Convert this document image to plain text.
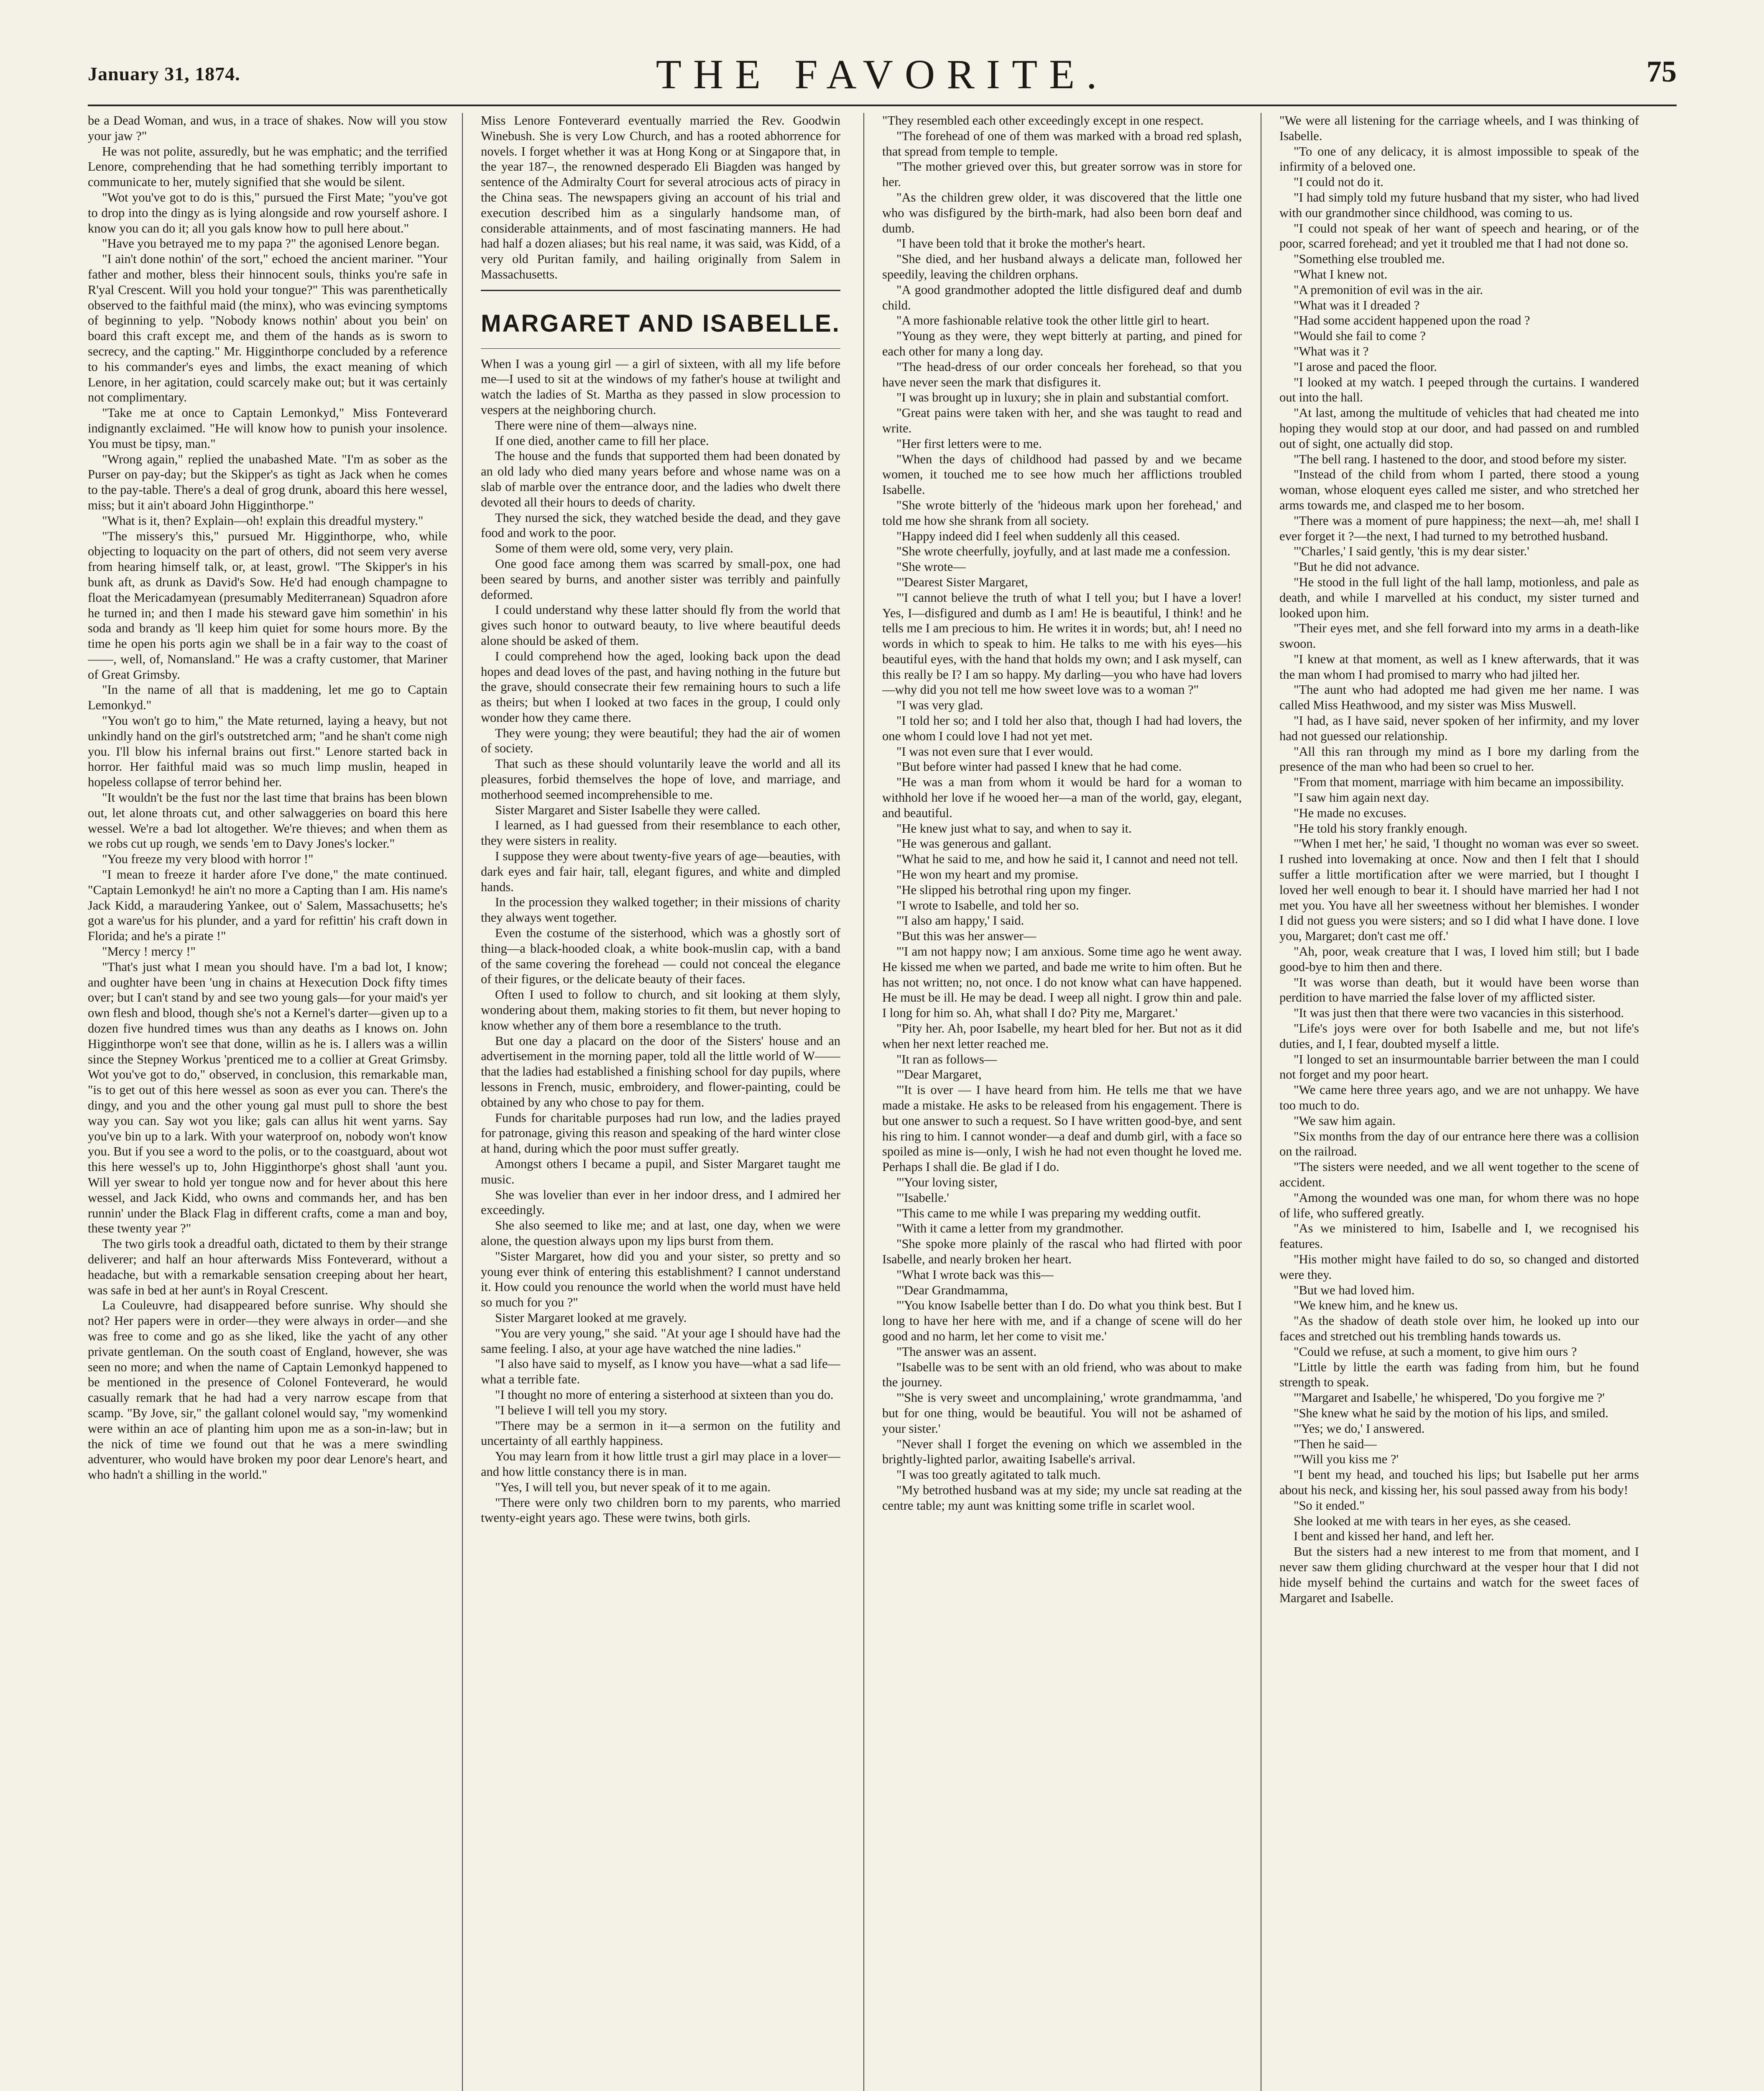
January 31, 1874.	THE FAVORITE.	75

be a Dead Woman, and wus, in a trace of shakes. Now will you stow your jaw ?"

He was not polite, assuredly, but he was emphatic; and the terrified Lenore, comprehending that he had something terribly important to communicate to her, mutely signified that she would be silent.

"Wot you've got to do is this," pursued the First Mate; "you've got to drop into the dingy as is lying alongside and row yourself ashore. I know you can do it; all you gals know how to pull here about."

"Have you betrayed me to my papa ?" the agonised Lenore began.

"I ain't done nothin' of the sort," echoed the ancient mariner. "Your father and mother, bless their hinnocent souls, thinks you're safe in R'yal Crescent. Will you hold your tongue?" This was parenthetically observed to the faithful maid (the minx), who was evincing symptoms of beginning to yelp. "Nobody knows nothin' about you bein' on board this craft except me, and them of the hands as is sworn to secrecy, and the capting." Mr. Higginthorpe concluded by a reference to his commander's eyes and limbs, the exact meaning of which Lenore, in her agitation, could scarcely make out; but it was certainly not complimentary.

"Take me at once to Captain Lemonkyd," Miss Fonteverard indignantly exclaimed. "He will know how to punish your insolence. You must be tipsy, man."

"Wrong again," replied the unabashed Mate. "I'm as sober as the Purser on pay-day; but the Skipper's as tight as Jack when he comes to the pay-table. There's a deal of grog drunk, aboard this here wessel, miss; but it ain't aboard John Higginthorpe."

"What is it, then? Explain—oh! explain this dreadful mystery."

"The missery's this," pursued Mr. Higginthorpe, who, while objecting to loquacity on the part of others, did not seem very averse from hearing himself talk, or, at least, growl. "The Skipper's in his bunk aft, as drunk as David's Sow. He'd had enough champagne to float the Mericadamyean (presumably Mediterranean) Squadron afore he turned in; and then I made his steward gave him somethin' in his soda and brandy as 'll keep him quiet for some hours more. By the time he open his ports agin we shall be in a fair way to the coast of ——, well, of, Nomansland." He was a crafty customer, that Mariner of Great Grimsby.

"In the name of all that is maddening, let me go to Captain Lemonkyd."

"You won't go to him," the Mate returned, laying a heavy, but not unkindly hand on the girl's outstretched arm; "and he shan't come nigh you. I'll blow his infernal brains out first." Lenore started back in horror. Her faithful maid was so much limp muslin, heaped in hopeless collapse of terror behind her.

"It wouldn't be the fust nor the last time that brains has been blown out, let alone throats cut, and other salwaggeries on board this here wessel. We're a bad lot altogether. We're thieves; and when them as we robs cut up rough, we sends 'em to Davy Jones's locker."

"You freeze my very blood with horror !"

"I mean to freeze it harder afore I've done," the mate continued. "Captain Lemonkyd! he ain't no more a Capting than I am. His name's Jack Kidd, a maraudering Yankee, out o' Salem, Massachusetts; he's got a ware'us for his plunder, and a yard for refittin' his craft down in Florida; and he's a pirate !"

"Mercy ! mercy !"

"That's just what I mean you should have. I'm a bad lot, I know; and oughter have been 'ung in chains at Hexecution Dock fifty times over; but I can't stand by and see two young gals—for your maid's yer own flesh and blood, though she's not a Kernel's darter—given up to a dozen five hundred times wus than any deaths as I knows on. John Higginthorpe won't see that done, willin as he is. I allers was a willin since the Stepney Workus 'prenticed me to a collier at Great Grimsby. Wot you've got to do," observed, in conclusion, this remarkable man, "is to get out of this here wessel as soon as ever you can. There's the dingy, and you and the other young gal must pull to shore the best way you can. Say wot you like; gals can allus hit went yarns. Say you've bin up to a lark. With your waterproof on, nobody won't know you. But if you see a word to the polis, or to the coastguard, about wot this here wessel's up to, John Higginthorpe's ghost shall 'aunt you. Will yer swear to hold yer tongue now and for hever about this here wessel, and Jack Kidd, who owns and commands her, and has ben runnin' under the Black Flag in different crafts, come a man and boy, these twenty year ?"

The two girls took a dreadful oath, dictated to them by their strange deliverer; and half an hour afterwards Miss Fonteverard, without a headache, but with a remarkable sensation creeping about her heart, was safe in bed at her aunt's in Royal Crescent.

La Couleuvre, had disappeared before sunrise. Why should she not? Her papers were in order—they were always in order—and she was free to come and go as she liked, like the yacht of any other private gentleman. On the south coast of England, however, she was seen no more; and when the name of Captain Lemonkyd happened to be mentioned in the presence of Colonel Fonteverard, he would casually remark that he had had a very narrow escape from that scamp. "By Jove, sir," the gallant colonel would say, "my womenkind were within an ace of planting him upon me as a son-in-law; but in the nick of time we found out that he was a mere swindling adventurer, who would have broken my poor dear Lenore's heart, and who hadn't a shilling in the world."

Miss Lenore Fonteverard eventually married the Rev. Goodwin Winebush. She is very Low Church, and has a rooted abhorrence for novels. I forget whether it was at Hong Kong or at Singapore that, in the year 187–, the renowned desperado Eli Biagden was hanged by sentence of the Admiralty Court for several atrocious acts of piracy in the China seas. The newspapers giving an account of his trial and execution described him as a singularly handsome man, of considerable attainments, and of most fascinating manners. He had had half a dozen aliases; but his real name, it was said, was Kidd, of a very old Puritan family, and hailing originally from Salem in Massachusetts.

MARGARET AND ISABELLE.

When I was a young girl — a girl of sixteen, with all my life before me—I used to sit at the windows of my father's house at twilight and watch the ladies of St. Martha as they passed in slow procession to vespers at the neighboring church.

There were nine of them—always nine.

If one died, another came to fill her place.

The house and the funds that supported them had been donated by an old lady who died many years before and whose name was on a slab of marble over the entrance door, and the ladies who dwelt there devoted all their hours to deeds of charity.

They nursed the sick, they watched beside the dead, and they gave food and work to the poor.

Some of them were old, some very, very plain.

One good face among them was scarred by small-pox, one had been seared by burns, and another sister was terribly and painfully deformed.

I could understand why these latter should fly from the world that gives such honor to outward beauty, to live where beautiful deeds alone should be asked of them.

I could comprehend how the aged, looking back upon the dead hopes and dead loves of the past, and having nothing in the future but the grave, should consecrate their few remaining hours to such a life as theirs; but when I looked at two faces in the group, I could only wonder how they came there.

They were young; they were beautiful; they had the air of women of society.

That such as these should voluntarily leave the world and all its pleasures, forbid themselves the hope of love, and marriage, and motherhood seemed incomprehensible to me.

Sister Margaret and Sister Isabelle they were called.

I learned, as I had guessed from their resemblance to each other, they were sisters in reality.

I suppose they were about twenty-five years of age—beauties, with dark eyes and fair hair, tall, elegant figures, and white and dimpled hands.

In the procession they walked together; in their missions of charity they always went together.

Even the costume of the sisterhood, which was a ghostly sort of thing—a black-hooded cloak, a white book-muslin cap, with a band of the same covering the forehead — could not conceal the elegance of their figures, or the delicate beauty of their faces.

Often I used to follow to church, and sit looking at them slyly, wondering about them, making stories to fit them, but never hoping to know whether any of them bore a resemblance to the truth.

But one day a placard on the door of the Sisters' house and an advertisement in the morning paper, told all the little world of W—— that the ladies had established a finishing school for day pupils, where lessons in French, music, embroidery, and flower-painting, could be obtained by any who chose to pay for them.

Funds for charitable purposes had run low, and the ladies prayed for patronage, giving this reason and speaking of the hard winter close at hand, during which the poor must suffer greatly.

Amongst others I became a pupil, and Sister Margaret taught me music.

She was lovelier than ever in her indoor dress, and I admired her exceedingly.

She also seemed to like me; and at last, one day, when we were alone, the question always upon my lips burst from them.

"Sister Margaret, how did you and your sister, so pretty and so young ever think of entering this establishment? I cannot understand it. How could you renounce the world when the world must have held so much for you ?"

Sister Margaret looked at me gravely.

"You are very young," she said. "At your age I should have had the same feeling. I also, at your age have watched the nine ladies."

"I also have said to myself, as I know you have—what a sad life—what a terrible fate.

"I thought no more of entering a sisterhood at sixteen than you do.

"I believe I will tell you my story.

"There may be a sermon in it—a sermon on the futility and uncertainty of all earthly happiness.

You may learn from it how little trust a girl may place in a lover—and how little constancy there is in man.

"Yes, I will tell you, but never speak of it to me again.

"There were only two children born to my parents, who married twenty-eight years ago. These were twins, both girls.

"They resembled each other exceedingly except in one respect.

"The forehead of one of them was marked with a broad red splash, that spread from temple to temple.

"The mother grieved over this, but greater sorrow was in store for her.

"As the children grew older, it was discovered that the little one who was disfigured by the birth-mark, had also been born deaf and dumb.

"I have been told that it broke the mother's heart.

"She died, and her husband always a delicate man, followed her speedily, leaving the children orphans.

"A good grandmother adopted the little disfigured deaf and dumb child.

"A more fashionable relative took the other little girl to heart.

"Young as they were, they wept bitterly at parting, and pined for each other for many a long day.

"The head-dress of our order conceals her forehead, so that you have never seen the mark that disfigures it.

"I was brought up in luxury; she in plain and substantial comfort.

"Great pains were taken with her, and she was taught to read and write.

"Her first letters were to me.

"When the days of childhood had passed by and we became women, it touched me to see how much her afflictions troubled Isabelle.

"She wrote bitterly of the 'hideous mark upon her forehead,' and told me how she shrank from all society.

"Happy indeed did I feel when suddenly all this ceased.

"She wrote cheerfully, joyfully, and at last made me a confession.

"She wrote—

"'Dearest Sister Margaret,

"'I cannot believe the truth of what I tell you; but I have a lover! Yes, I—disfigured and dumb as I am! He is beautiful, I think! and he tells me I am precious to him. He writes it in words; but, ah! I need no words in which to speak to him. He talks to me with his eyes—his beautiful eyes, with the hand that holds my own; and I ask myself, can this really be I? I am so happy. My darling—you who have had lovers—why did you not tell me how sweet love was to a woman ?"

"I was very glad.

"I told her so; and I told her also that, though I had had lovers, the one whom I could love I had not yet met.

"I was not even sure that I ever would.

"But before winter had passed I knew that he had come.

"He was a man from whom it would be hard for a woman to withhold her love if he wooed her—a man of the world, gay, elegant, and beautiful.

"He knew just what to say, and when to say it.

"He was generous and gallant.

"What he said to me, and how he said it, I cannot and need not tell.

"He won my heart and my promise.

"He slipped his betrothal ring upon my finger.

"I wrote to Isabelle, and told her so.

"'I also am happy,' I said.

"But this was her answer—

"'I am not happy now; I am anxious. Some time ago he went away. He kissed me when we parted, and bade me write to him often. But he has not written; no, not once. I do not know what can have happened. He must be ill. He may be dead. I weep all night. I grow thin and pale. I long for him so. Ah, what shall I do? Pity me, Margaret.'

"Pity her. Ah, poor Isabelle, my heart bled for her. But not as it did when her next letter reached me.

"It ran as follows—

"'Dear Margaret,

"'It is over — I have heard from him. He tells me that we have made a mistake. He asks to be released from his engagement. There is but one answer to such a request. So I have written good-bye, and sent his ring to him. I cannot wonder—a deaf and dumb girl, with a face so spoiled as mine is—only, I wish he had not even thought he loved me. Perhaps I shall die. Be glad if I do.

"'Your loving sister,

"'Isabelle.'

"This came to me while I was preparing my wedding outfit.

"With it came a letter from my grandmother.

"She spoke more plainly of the rascal who had flirted with poor Isabelle, and nearly broken her heart.

"What I wrote back was this—

"'Dear Grandmamma,

"'You know Isabelle better than I do. Do what you think best. But I long to have her here with me, and if a change of scene will do her good and no harm, let her come to visit me.'

"The answer was an assent.

"Isabelle was to be sent with an old friend, who was about to make the journey.

"'She is very sweet and uncomplaining,' wrote grandmamma, 'and but for one thing, would be beautiful. You will not be ashamed of your sister.'

"Never shall I forget the evening on which we assembled in the brightly-lighted parlor, awaiting Isabelle's arrival.

"I was too greatly agitated to talk much.

"My betrothed husband was at my side; my uncle sat reading at the centre table; my aunt was knitting some trifle in scarlet wool.

"We were all listening for the carriage wheels, and I was thinking of Isabelle.

"To one of any delicacy, it is almost impossible to speak of the infirmity of a beloved one.

"I could not do it.

"I had simply told my future husband that my sister, who had lived with our grandmother since childhood, was coming to us.

"I could not speak of her want of speech and hearing, or of the poor, scarred forehead; and yet it troubled me that I had not done so.

"Something else troubled me.

"What I knew not.

"A premonition of evil was in the air.

"What was it I dreaded ?

"Had some accident happened upon the road ?

"Would she fail to come ?

"What was it ?

"I arose and paced the floor.

"I looked at my watch. I peeped through the curtains. I wandered out into the hall.

"At last, among the multitude of vehicles that had cheated me into hoping they would stop at our door, and had passed on and rumbled out of sight, one actually did stop.

"The bell rang. I hastened to the door, and stood before my sister.

"Instead of the child from whom I parted, there stood a young woman, whose eloquent eyes called me sister, and who stretched her arms towards me, and clasped me to her bosom.

"There was a moment of pure happiness; the next—ah, me! shall I ever forget it ?—the next, I had turned to my betrothed husband.

"'Charles,' I said gently, 'this is my dear sister.'

"But he did not advance.

"He stood in the full light of the hall lamp, motionless, and pale as death, and while I marvelled at his conduct, my sister turned and looked upon him.

"Their eyes met, and she fell forward into my arms in a death-like swoon.

"I knew at that moment, as well as I knew afterwards, that it was the man whom I had promised to marry who had jilted her.

"The aunt who had adopted me had given me her name. I was called Miss Heathwood, and my sister was Miss Muswell.

"I had, as I have said, never spoken of her infirmity, and my lover had not guessed our relationship.

"All this ran through my mind as I bore my darling from the presence of the man who had been so cruel to her.

"From that moment, marriage with him became an impossibility.

"I saw him again next day.

"He made no excuses.

"He told his story frankly enough.

"'When I met her,' he said, 'I thought no woman was ever so sweet. I rushed into lovemaking at once. Now and then I felt that I should suffer a little mortification after we were married, but I thought I loved her well enough to bear it. I should have married her had I not met you. You have all her sweetness without her blemishes. I wonder I did not guess you were sisters; and so I did what I have done. I love you, Margaret; don't cast me off.'

"Ah, poor, weak creature that I was, I loved him still; but I bade good-bye to him then and there.

"It was worse than death, but it would have been worse than perdition to have married the false lover of my afflicted sister.

"It was just then that there were two vacancies in this sisterhood.

"Life's joys were over for both Isabelle and me, but not life's duties, and I, I fear, doubted myself a little.

"I longed to set an insurmountable barrier between the man I could not forget and my poor heart.

"We came here three years ago, and we are not unhappy. We have too much to do.

"We saw him again.

"Six months from the day of our entrance here there was a collision on the railroad.

"The sisters were needed, and we all went together to the scene of accident.

"Among the wounded was one man, for whom there was no hope of life, who suffered greatly.

"As we ministered to him, Isabelle and I, we recognised his features.

"His mother might have failed to do so, so changed and distorted were they.

"But we had loved him.

"We knew him, and he knew us.

"As the shadow of death stole over him, he looked up into our faces and stretched out his trembling hands towards us.

"Could we refuse, at such a moment, to give him ours ?

"Little by little the earth was fading from him, but he found strength to speak.

"'Margaret and Isabelle,' he whispered, 'Do you forgive me ?'

"She knew what he said by the motion of his lips, and smiled.

"'Yes; we do,' I answered.

"Then he said—

"'Will you kiss me ?'

"I bent my head, and touched his lips; but Isabelle put her arms about his neck, and kissing her, his soul passed away from his body!

"So it ended."

She looked at me with tears in her eyes, as she ceased.

I bent and kissed her hand, and left her.

But the sisters had a new interest to me from that moment, and I never saw them gliding churchward at the vesper hour that I did not hide myself behind the curtains and watch for the sweet faces of Margaret and Isabelle.
